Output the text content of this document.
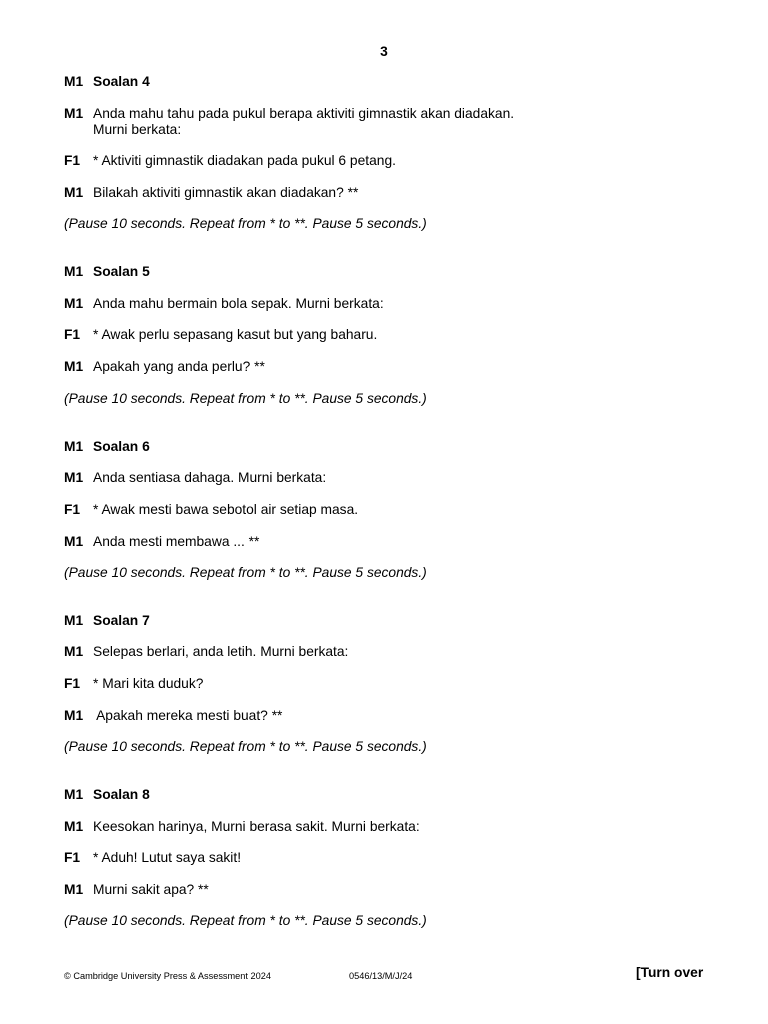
3
M1 Soalan 4
M1 Anda mahu tahu pada pukul berapa aktiviti gimnastik akan diadakan.
Murni berkata:
F1 * Aktiviti gimnastik diadakan pada pukul 6 petang.
M1 Bilakah aktiviti gimnastik akan diadakan? **
(Pause 10 seconds. Repeat from * to **. Pause 5 seconds.)
M1 Soalan 5
M1 Anda mahu bermain bola sepak. Murni berkata:
F1 * Awak perlu sepasang kasut but yang baharu.
M1 Apakah yang anda perlu? **
(Pause 10 seconds. Repeat from * to **. Pause 5 seconds.)
M1 Soalan 6
M1 Anda sentiasa dahaga. Murni berkata:
F1 * Awak mesti bawa sebotol air setiap masa.
M1 Anda mesti membawa ... **
(Pause 10 seconds. Repeat from * to **. Pause 5 seconds.)
M1 Soalan 7
M1 Selepas berlari, anda letih. Murni berkata:
F1 * Mari kita duduk?
M1 Apakah mereka mesti buat? **
(Pause 10 seconds. Repeat from * to **. Pause 5 seconds.)
M1 Soalan 8
M1 Keesokan harinya, Murni berasa sakit. Murni berkata:
F1 * Aduh! Lutut saya sakit!
M1 Murni sakit apa? **
(Pause 10 seconds. Repeat from * to **. Pause 5 seconds.)
© Cambridge University Press & Assessment 2024	0546/13/M/J/24	[Turn over
